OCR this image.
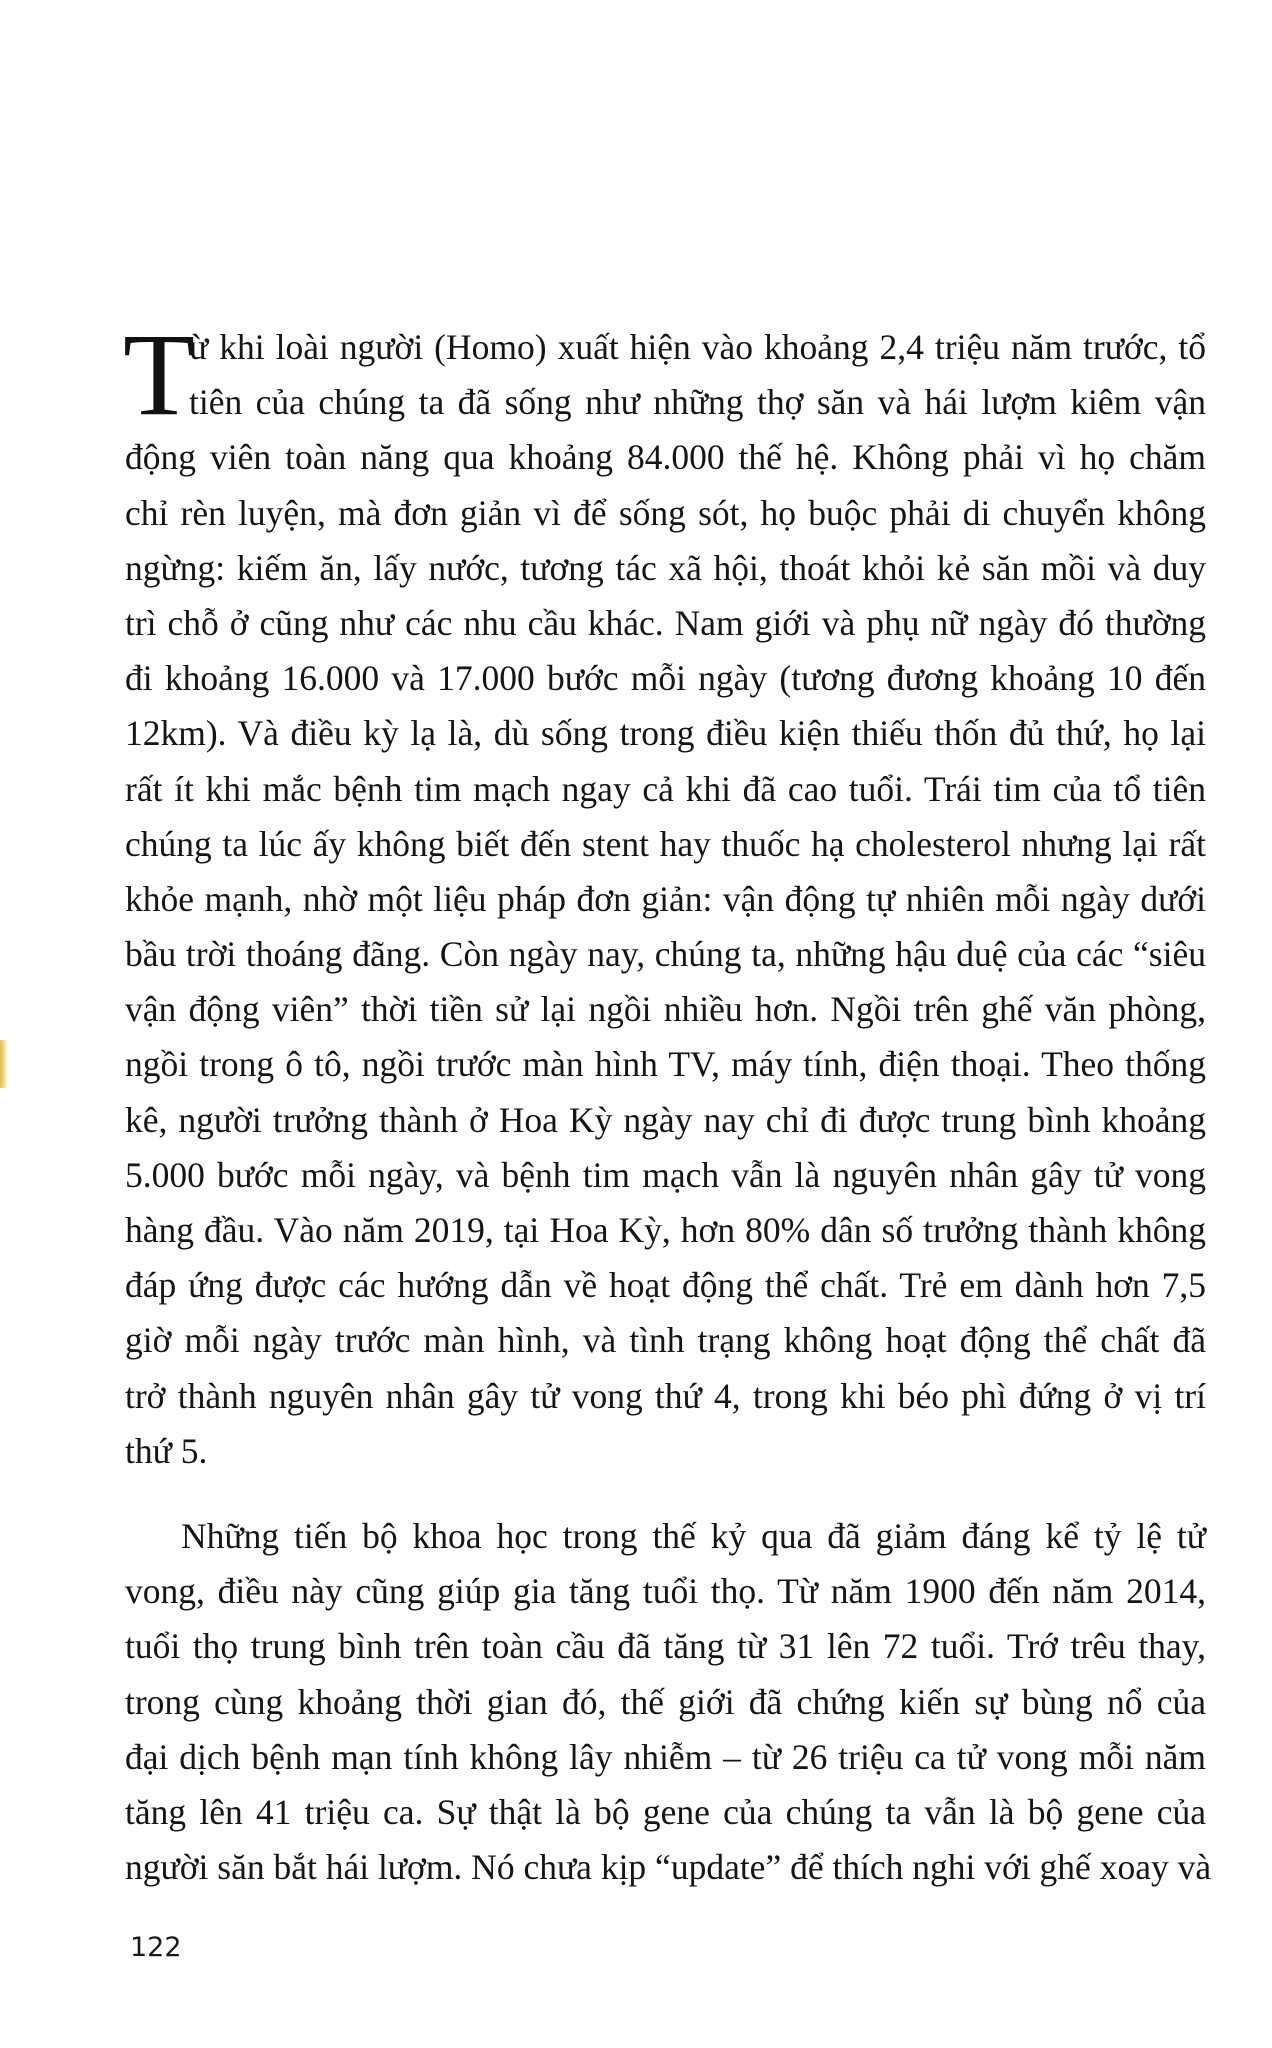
T
ừ khi loài người (Homo) xuất hiện vào khoảng 2,4 triệu năm trước, tổ
tiên của chúng ta đã sống như những thợ săn và hái lượm kiêm vận
động viên toàn năng qua khoảng 84.000 thế hệ. Không phải vì họ chăm
chỉ rèn luyện, mà đơn giản vì để sống sót, họ buộc phải di chuyển không
ngừng: kiếm ăn, lấy nước, tương tác xã hội, thoát khỏi kẻ săn mồi và duy
trì chỗ ở cũng như các nhu cầu khác. Nam giới và phụ nữ ngày đó thường
đi khoảng 16.000 và 17.000 bước mỗi ngày (tương đương khoảng 10 đến
12km). Và điều kỳ lạ là, dù sống trong điều kiện thiếu thốn đủ thứ, họ lại
rất ít khi mắc bệnh tim mạch ngay cả khi đã cao tuổi. Trái tim của tổ tiên
chúng ta lúc ấy không biết đến stent hay thuốc hạ cholesterol nhưng lại rất
khỏe mạnh, nhờ một liệu pháp đơn giản: vận động tự nhiên mỗi ngày dưới
bầu trời thoáng đãng. Còn ngày nay, chúng ta, những hậu duệ của các “siêu
vận động viên” thời tiền sử lại ngồi nhiều hơn. Ngồi trên ghế văn phòng,
ngồi trong ô tô, ngồi trước màn hình TV, máy tính, điện thoại. Theo thống
kê, người trưởng thành ở Hoa Kỳ ngày nay chỉ đi được trung bình khoảng
5.000 bước mỗi ngày, và bệnh tim mạch vẫn là nguyên nhân gây tử vong
hàng đầu. Vào năm 2019, tại Hoa Kỳ, hơn 80% dân số trưởng thành không
đáp ứng được các hướng dẫn về hoạt động thể chất. Trẻ em dành hơn 7,5
giờ mỗi ngày trước màn hình, và tình trạng không hoạt động thể chất đã
trở thành nguyên nhân gây tử vong thứ 4, trong khi béo phì đứng ở vị trí
thứ 5.
Những tiến bộ khoa học trong thế kỷ qua đã giảm đáng kể tỷ lệ tử
vong, điều này cũng giúp gia tăng tuổi thọ. Từ năm 1900 đến năm 2014,
tuổi thọ trung bình trên toàn cầu đã tăng từ 31 lên 72 tuổi. Trớ trêu thay,
trong cùng khoảng thời gian đó, thế giới đã chứng kiến sự bùng nổ của
đại dịch bệnh mạn tính không lây nhiễm – từ 26 triệu ca tử vong mỗi năm
tăng lên 41 triệu ca. Sự thật là bộ gene của chúng ta vẫn là bộ gene của
người săn bắt hái lượm. Nó chưa kịp “update” để thích nghi với ghế xoay và
122
